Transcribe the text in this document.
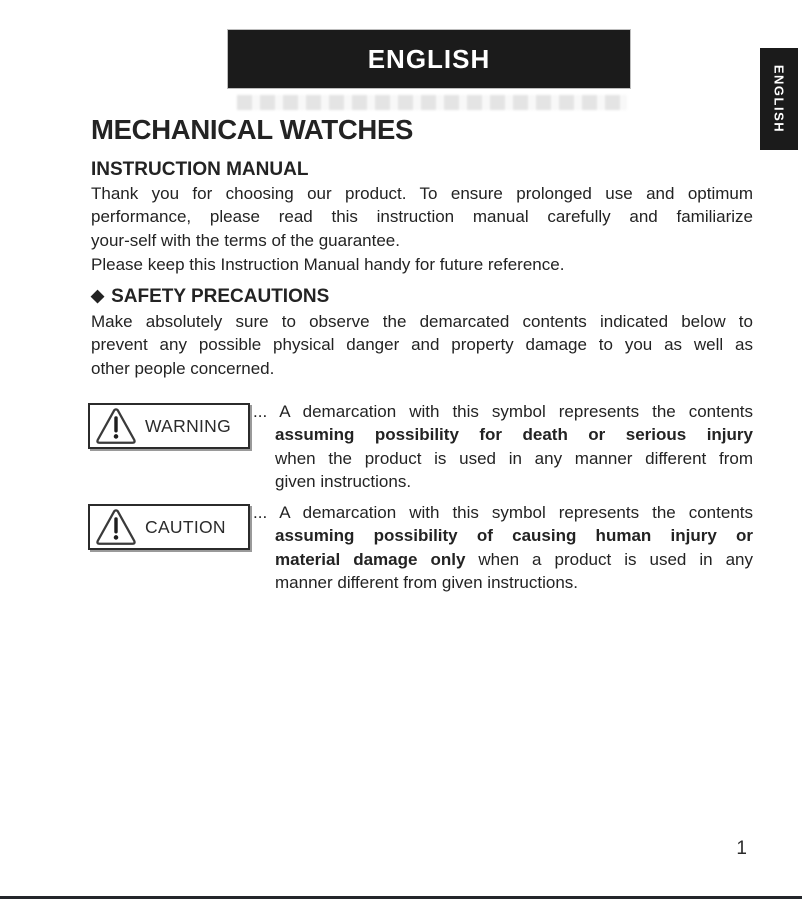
ENGLISH
ENGLISH
MECHANICAL WATCHES
INSTRUCTION MANUAL
Thank you for choosing our product. To ensure prolonged use and optimum
performance, please read this instruction manual carefully and familiarize
your-self with the terms of the guarantee.
Please keep this Instruction Manual handy for future reference.
◆ SAFETY PRECAUTIONS
Make absolutely sure to observe the demarcated contents indicated below to
prevent any possible physical danger and property damage to you as well as
other people concerned.
1
WARNING
... A demarcation with this symbol represents the contents
assuming possibility for death or serious injury
when the product is used in any manner different from
given instructions.
CAUTION
... A demarcation with this symbol represents the contents
assuming possibility of causing human injury or
material damage only when a product is used in any
manner different from given instructions.
